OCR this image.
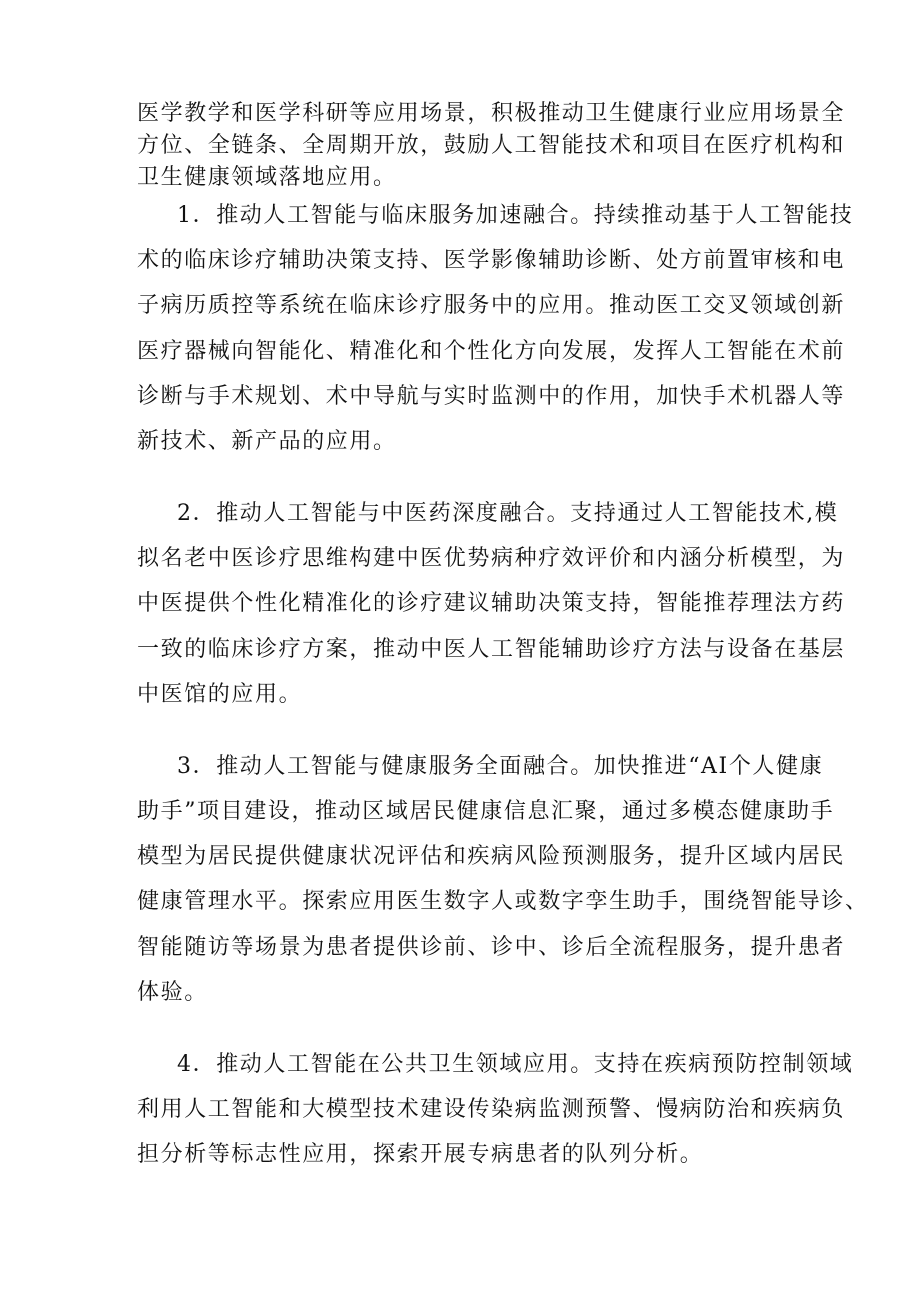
医学教学和医学科研等应用场景，积极推动卫生健康行业应用场景全
方位、全链条、全周期开放，鼓励人工智能技术和项目在医疗机构和
卫生健康领域落地应用。
1．推动人工智能与临床服务加速融合。持续推动基于人工智能技
术的临床诊疗辅助决策支持、医学影像辅助诊断、处方前置审核和电
子病历质控等系统在临床诊疗服务中的应用。推动医工交叉领域创新
医疗器械向智能化、精准化和个性化方向发展，发挥人工智能在术前
诊断与手术规划、术中导航与实时监测中的作用，加快手术机器人等
新技术、新产品的应用。
2．推动人工智能与中医药深度融合。支持通过人工智能技术,模
拟名老中医诊疗思维构建中医优势病种疗效评价和内涵分析模型，为
中医提供个性化精准化的诊疗建议辅助决策支持，智能推荐理法方药
一致的临床诊疗方案，推动中医人工智能辅助诊疗方法与设备在基层
中医馆的应用。
3．推动人工智能与健康服务全面融合。加快推进“AI个人健康
助手”项目建设，推动区域居民健康信息汇聚，通过多模态健康助手
模型为居民提供健康状况评估和疾病风险预测服务，提升区域内居民
健康管理水平。探索应用医生数字人或数字孪生助手，围绕智能导诊、
智能随访等场景为患者提供诊前、诊中、诊后全流程服务，提升患者
体验。
4．推动人工智能在公共卫生领域应用。支持在疾病预防控制领域
利用人工智能和大模型技术建设传染病监测预警、慢病防治和疾病负
担分析等标志性应用，探索开展专病患者的队列分析。
